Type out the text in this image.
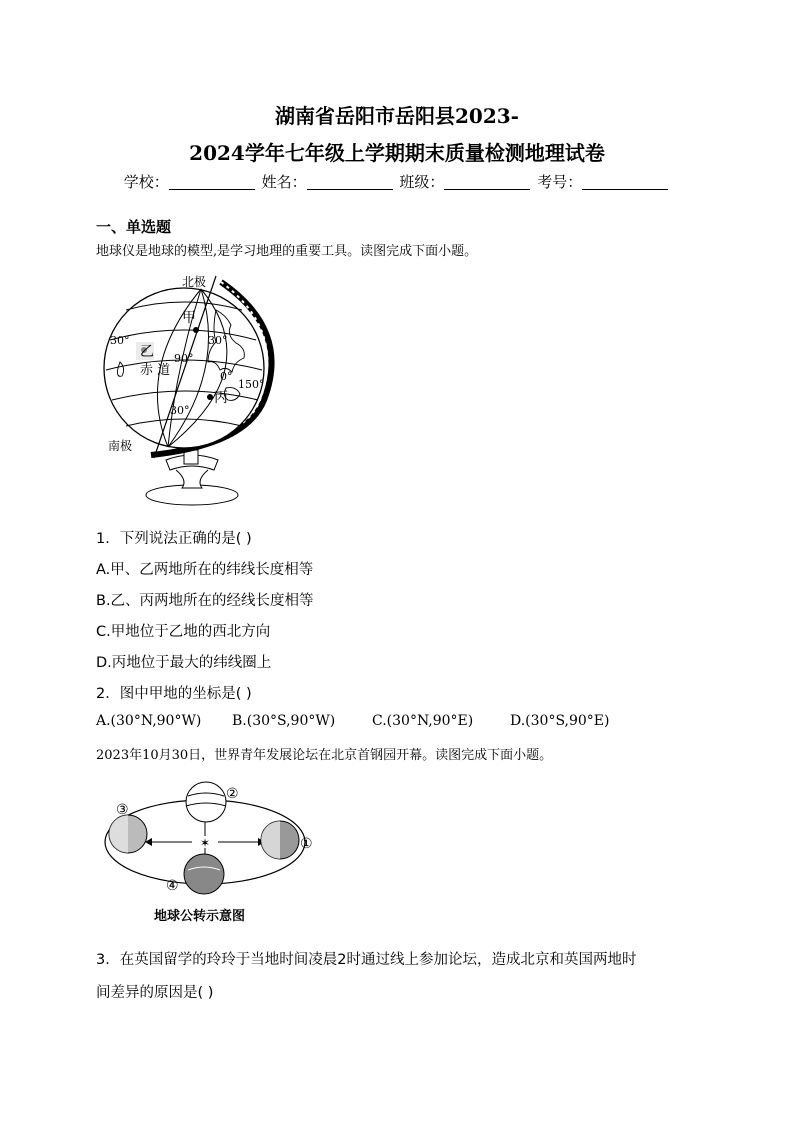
湖南省岳阳市岳阳县2023-
2024学年七年级上学期期末质量检测地理试卷
学校：	姓名：	班级：	考号：
一、单选题
地球仪是地球的模型,是学习地理的重要工具。读图完成下面小题。
北极
南极
甲
乙
丙
赤 道
30°
30°
30°
90°
150°
0°
1．下列说法正确的是( )
A.甲、乙两地所在的纬线长度相等
B.乙、丙两地所在的经线长度相等
C.甲地位于乙地的西北方向
D.丙地位于最大的纬线圈上
2．图中甲地的坐标是( )
A.(30°N,90°W) B.(30°S,90°W)	C.(30°N,90°E)	D.(30°S,90°E)
2023年10月30日，世界青年发展论坛在北京首钢园开幕。读图完成下面小题。
✶
②
③
①
④
地球公转示意图
3．在英国留学的玲玲于当地时间凌晨2时通过线上参加论坛，造成北京和英国两地时
间差异的原因是( )
